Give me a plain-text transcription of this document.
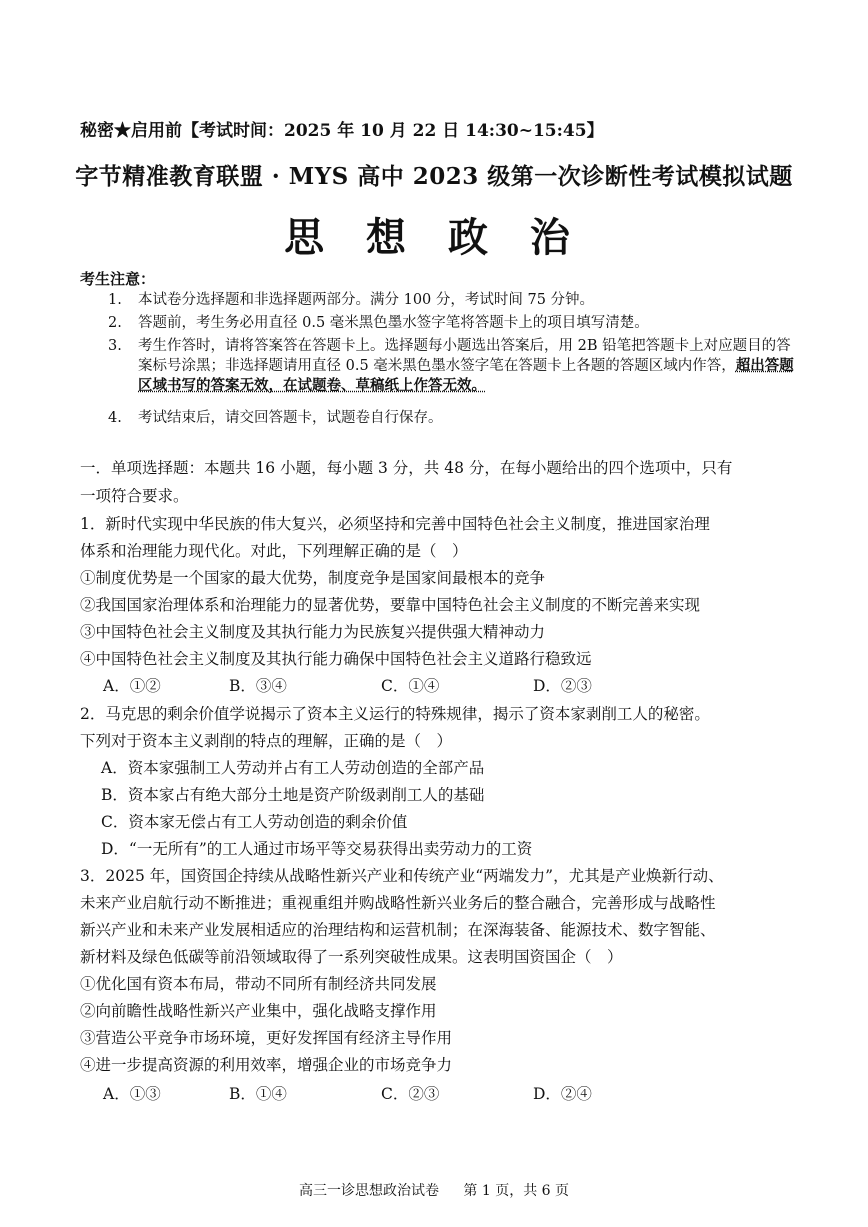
秘密★启用前【考试时间：2025 年 10 月 22 日 14:30~15:45】
字节精准教育联盟 · MYS 高中 2023 级第一次诊断性考试模拟试题
思 想 政 治
考生注意：
1. 本试卷分选择题和非选择题两部分。满分 100 分，考试时间 75 分钟。
2. 答题前，考生务必用直径 0.5 毫米黑色墨水签字笔将答题卡上的项目填写清楚。
3. 考生作答时，请将答案答在答题卡上。选择题每小题选出答案后，用 2B 铅笔把答题卡上对应题目的答案标号涂黑；非选择题请用直径 0.5 毫米黑色墨水签字笔在答题卡上各题的答题区域内作答，超出答题区域书写的答案无效，在试题卷、草稿纸上作答无效。
4. 考试结束后，请交回答题卡，试题卷自行保存。
一．单项选择题：本题共 16 小题，每小题 3 分，共 48 分，在每小题给出的四个选项中，只有
一项符合要求。
1．新时代实现中华民族的伟大复兴，必须坚持和完善中国特色社会主义制度，推进国家治理
体系和治理能力现代化。对此，下列理解正确的是（　）
①制度优势是一个国家的最大优势，制度竞争是国家间最根本的竞争
②我国国家治理体系和治理能力的显著优势，要靠中国特色社会主义制度的不断完善来实现
③中国特色社会主义制度及其执行能力为民族复兴提供强大精神动力
④中国特色社会主义制度及其执行能力确保中国特色社会主义道路行稳致远
A．①②	B．③④	C．①④	D．②③
2．马克思的剩余价值学说揭示了资本主义运行的特殊规律，揭示了资本家剥削工人的秘密。
下列对于资本主义剥削的特点的理解，正确的是（　）
A．资本家强制工人劳动并占有工人劳动创造的全部产品
B．资本家占有绝大部分土地是资产阶级剥削工人的基础
C．资本家无偿占有工人劳动创造的剩余价值
D．“一无所有”的工人通过市场平等交易获得出卖劳动力的工资
3．2025 年，国资国企持续从战略性新兴产业和传统产业“两端发力”，尤其是产业焕新行动、
未来产业启航行动不断推进；重视重组并购战略性新兴业务后的整合融合，完善形成与战略性
新兴产业和未来产业发展相适应的治理结构和运营机制；在深海装备、能源技术、数字智能、
新材料及绿色低碳等前沿领域取得了一系列突破性成果。这表明国资国企（　）
①优化国有资本布局，带动不同所有制经济共同发展
②向前瞻性战略性新兴产业集中，强化战略支撑作用
③营造公平竞争市场环境，更好发挥国有经济主导作用
④进一步提高资源的利用效率，增强企业的市场竞争力
A．①③	B．①④	C．②③	D．②④
高三一诊思想政治试卷 第 1 页，共 6 页
